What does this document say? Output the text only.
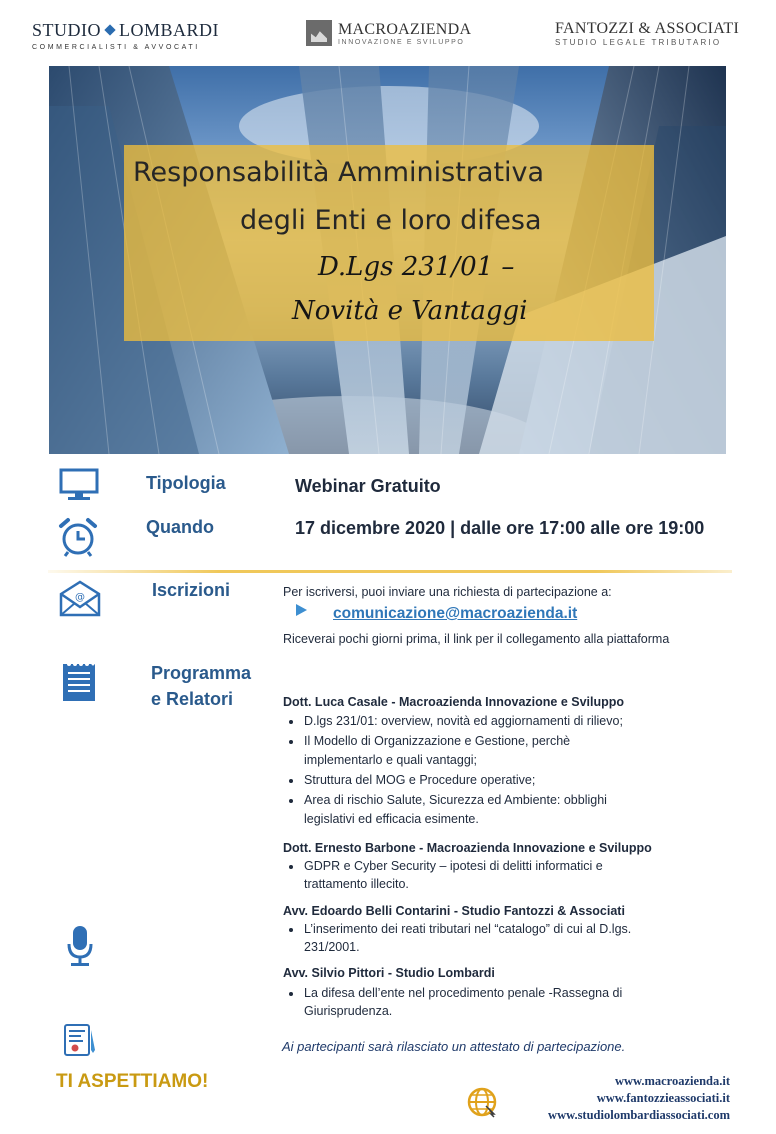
STUDIO LOMBARDI
COMMERCIALISTI & AVVOCATI
MACROAZIENDA
INNOVAZIONE E SVILUPPO
FANTOZZI & ASSOCIATI
STUDIO LEGALE TRIBUTARIO
Responsabilità Amministrativa
degli Enti e loro difesa
D.Lgs 231/01 –
Novità e Vantaggi
Tipologia	Webinar Gratuito
Quando	17 dicembre 2020 | dalle ore 17:00 alle ore 19:00
@	Iscrizioni	Per iscriversi, puoi inviare una richiesta di partecipazione a:
comunicazione@macroazienda.it
Riceverai pochi giorni prima, il link per il collegamento alla piattaforma
Programma
e Relatori	Dott. Luca Casale - Macroazienda Innovazione e Sviluppo
D.lgs 231/01: overview, novità ed aggiornamenti di rilievo;
Il Modello di Organizzazione e Gestione, perchè
implementarlo e quali vantaggi;
Struttura del MOG e Procedure operative;
Area di rischio Salute, Sicurezza ed Ambiente: obblighi
legislativi ed efficacia esimente.
Dott. Ernesto Barbone - Macroazienda Innovazione e Sviluppo
GDPR e Cyber Security – ipotesi di delitti informatici e
trattamento illecito.
Avv. Edoardo Belli Contarini - Studio Fantozzi & Associati
L’inserimento dei reati tributari nel “catalogo” di cui al D.lgs.
231/2001.
Avv. Silvio Pittori - Studio Lombardi
La difesa dell’ente nel procedimento penale -Rassegna di
Giurisprudenza.
Ai partecipanti sarà rilasciato un attestato di partecipazione.
TI ASPETTIAMO!	www.macroazienda.it
www.fantozzieassociati.it
www.studiolombardiassociati.com
